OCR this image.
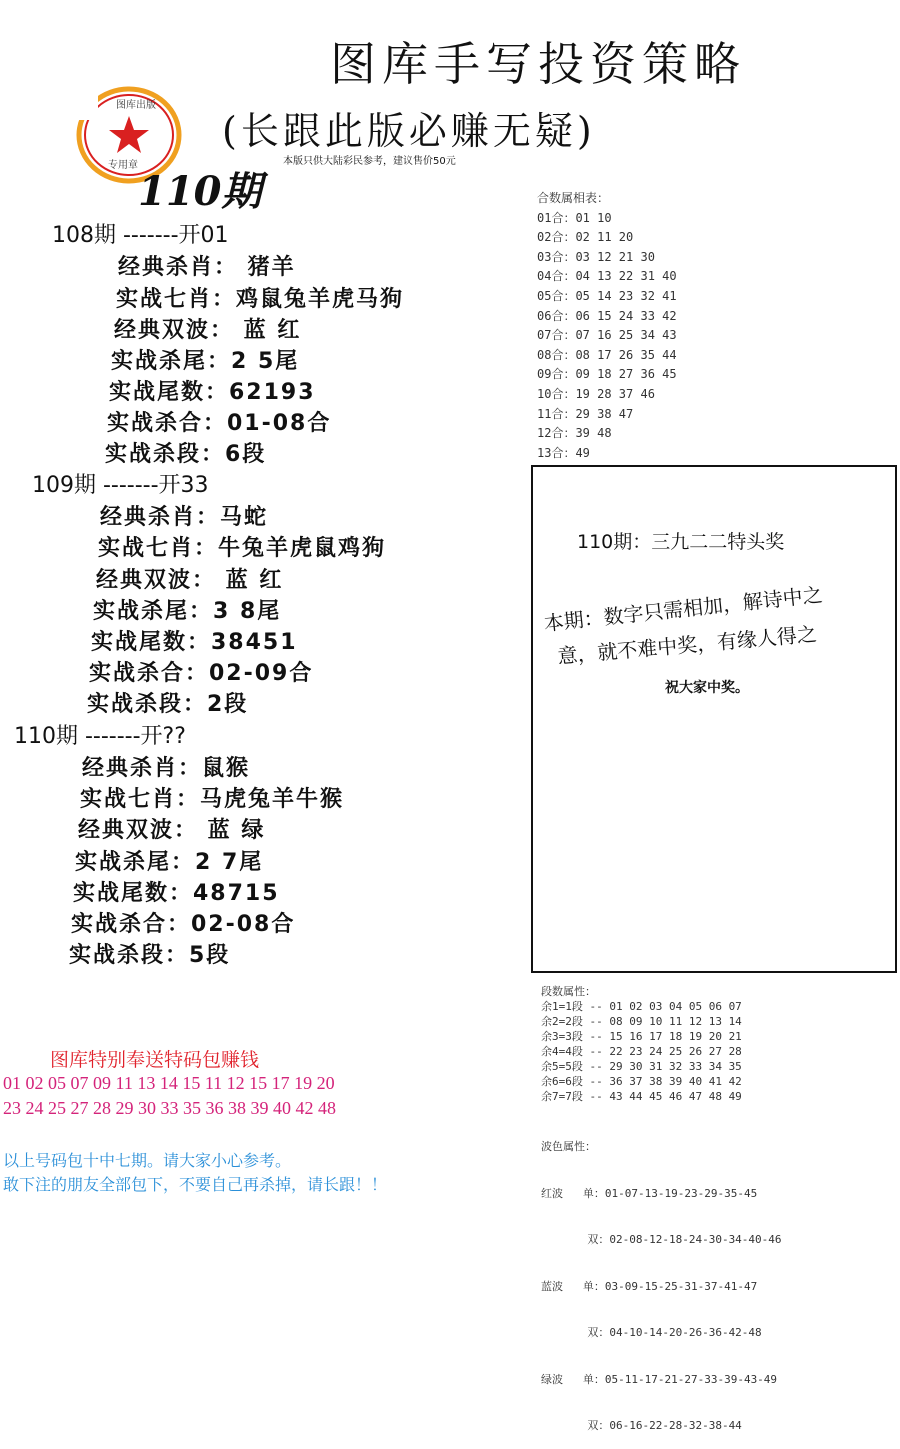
图库手写投资策略
(长跟此版必赚无疑)
本版只供大陆彩民参考，建议售价50元
图库出版
专用章
110期
108期 -------开01
经典杀肖： 猪羊
实战七肖：鸡鼠兔羊虎马狗
经典双波： 蓝 红
实战杀尾：2 5尾
实战尾数：62193
实战杀合：01-08合
实战杀段：6段
109期 -------开33
经典杀肖：马蛇
实战七肖：牛兔羊虎鼠鸡狗
经典双波： 蓝 红
实战杀尾：3 8尾
实战尾数：38451
实战杀合：02-09合
实战杀段：2段
110期 -------开??
经典杀肖：鼠猴
实战七肖：马虎兔羊牛猴
经典双波： 蓝 绿
实战杀尾：2 7尾
实战尾数：48715
实战杀合：02-08合
实战杀段：5段
合数属相表：
01合：01 10
02合：02 11 20
03合：03 12 21 30
04合：04 13 22 31 40
05合：05 14 23 32 41
06合：06 15 24 33 42
07合：07 16 25 34 43
08合：08 17 26 35 44
09合：09 18 27 36 45
10合：19 28 37 46
11合：29 38 47
12合：39 48
13合：49
110期：三九二二特头奖
本期：数字只需相加，解诗中之
意，就不难中奖，有缘人得之
祝大家中奖。
段数属性：
余1=1段 -- 01 02 03 04 05 06 07
余2=2段 -- 08 09 10 11 12 13 14
余3=3段 -- 15 16 17 18 19 20 21
余4=4段 -- 22 23 24 25 26 27 28
余5=5段 -- 29 30 31 32 33 34 35
余6=6段 -- 36 37 38 39 40 41 42
余7=7段 -- 43 44 45 46 47 48 49

波色属性：

红波   单：01-07-13-19-23-29-35-45

双：02-08-12-18-24-30-34-40-46

蓝波   单：03-09-15-25-31-37-41-47

双：04-10-14-20-26-36-42-48

绿波   单：05-11-17-21-27-33-39-43-49

双：06-16-22-28-32-38-44

图库特别奉送特码包赚钱
01 02 05 07 09 11 13 14 15 11 12 15 17 19 20
23 24 25 27 28 29 30 33 35 36 38 39 40 42 48
以上号码包十中七期。请大家小心参考。
敢下注的朋友全部包下，不要自己再杀掉，请长跟！！
